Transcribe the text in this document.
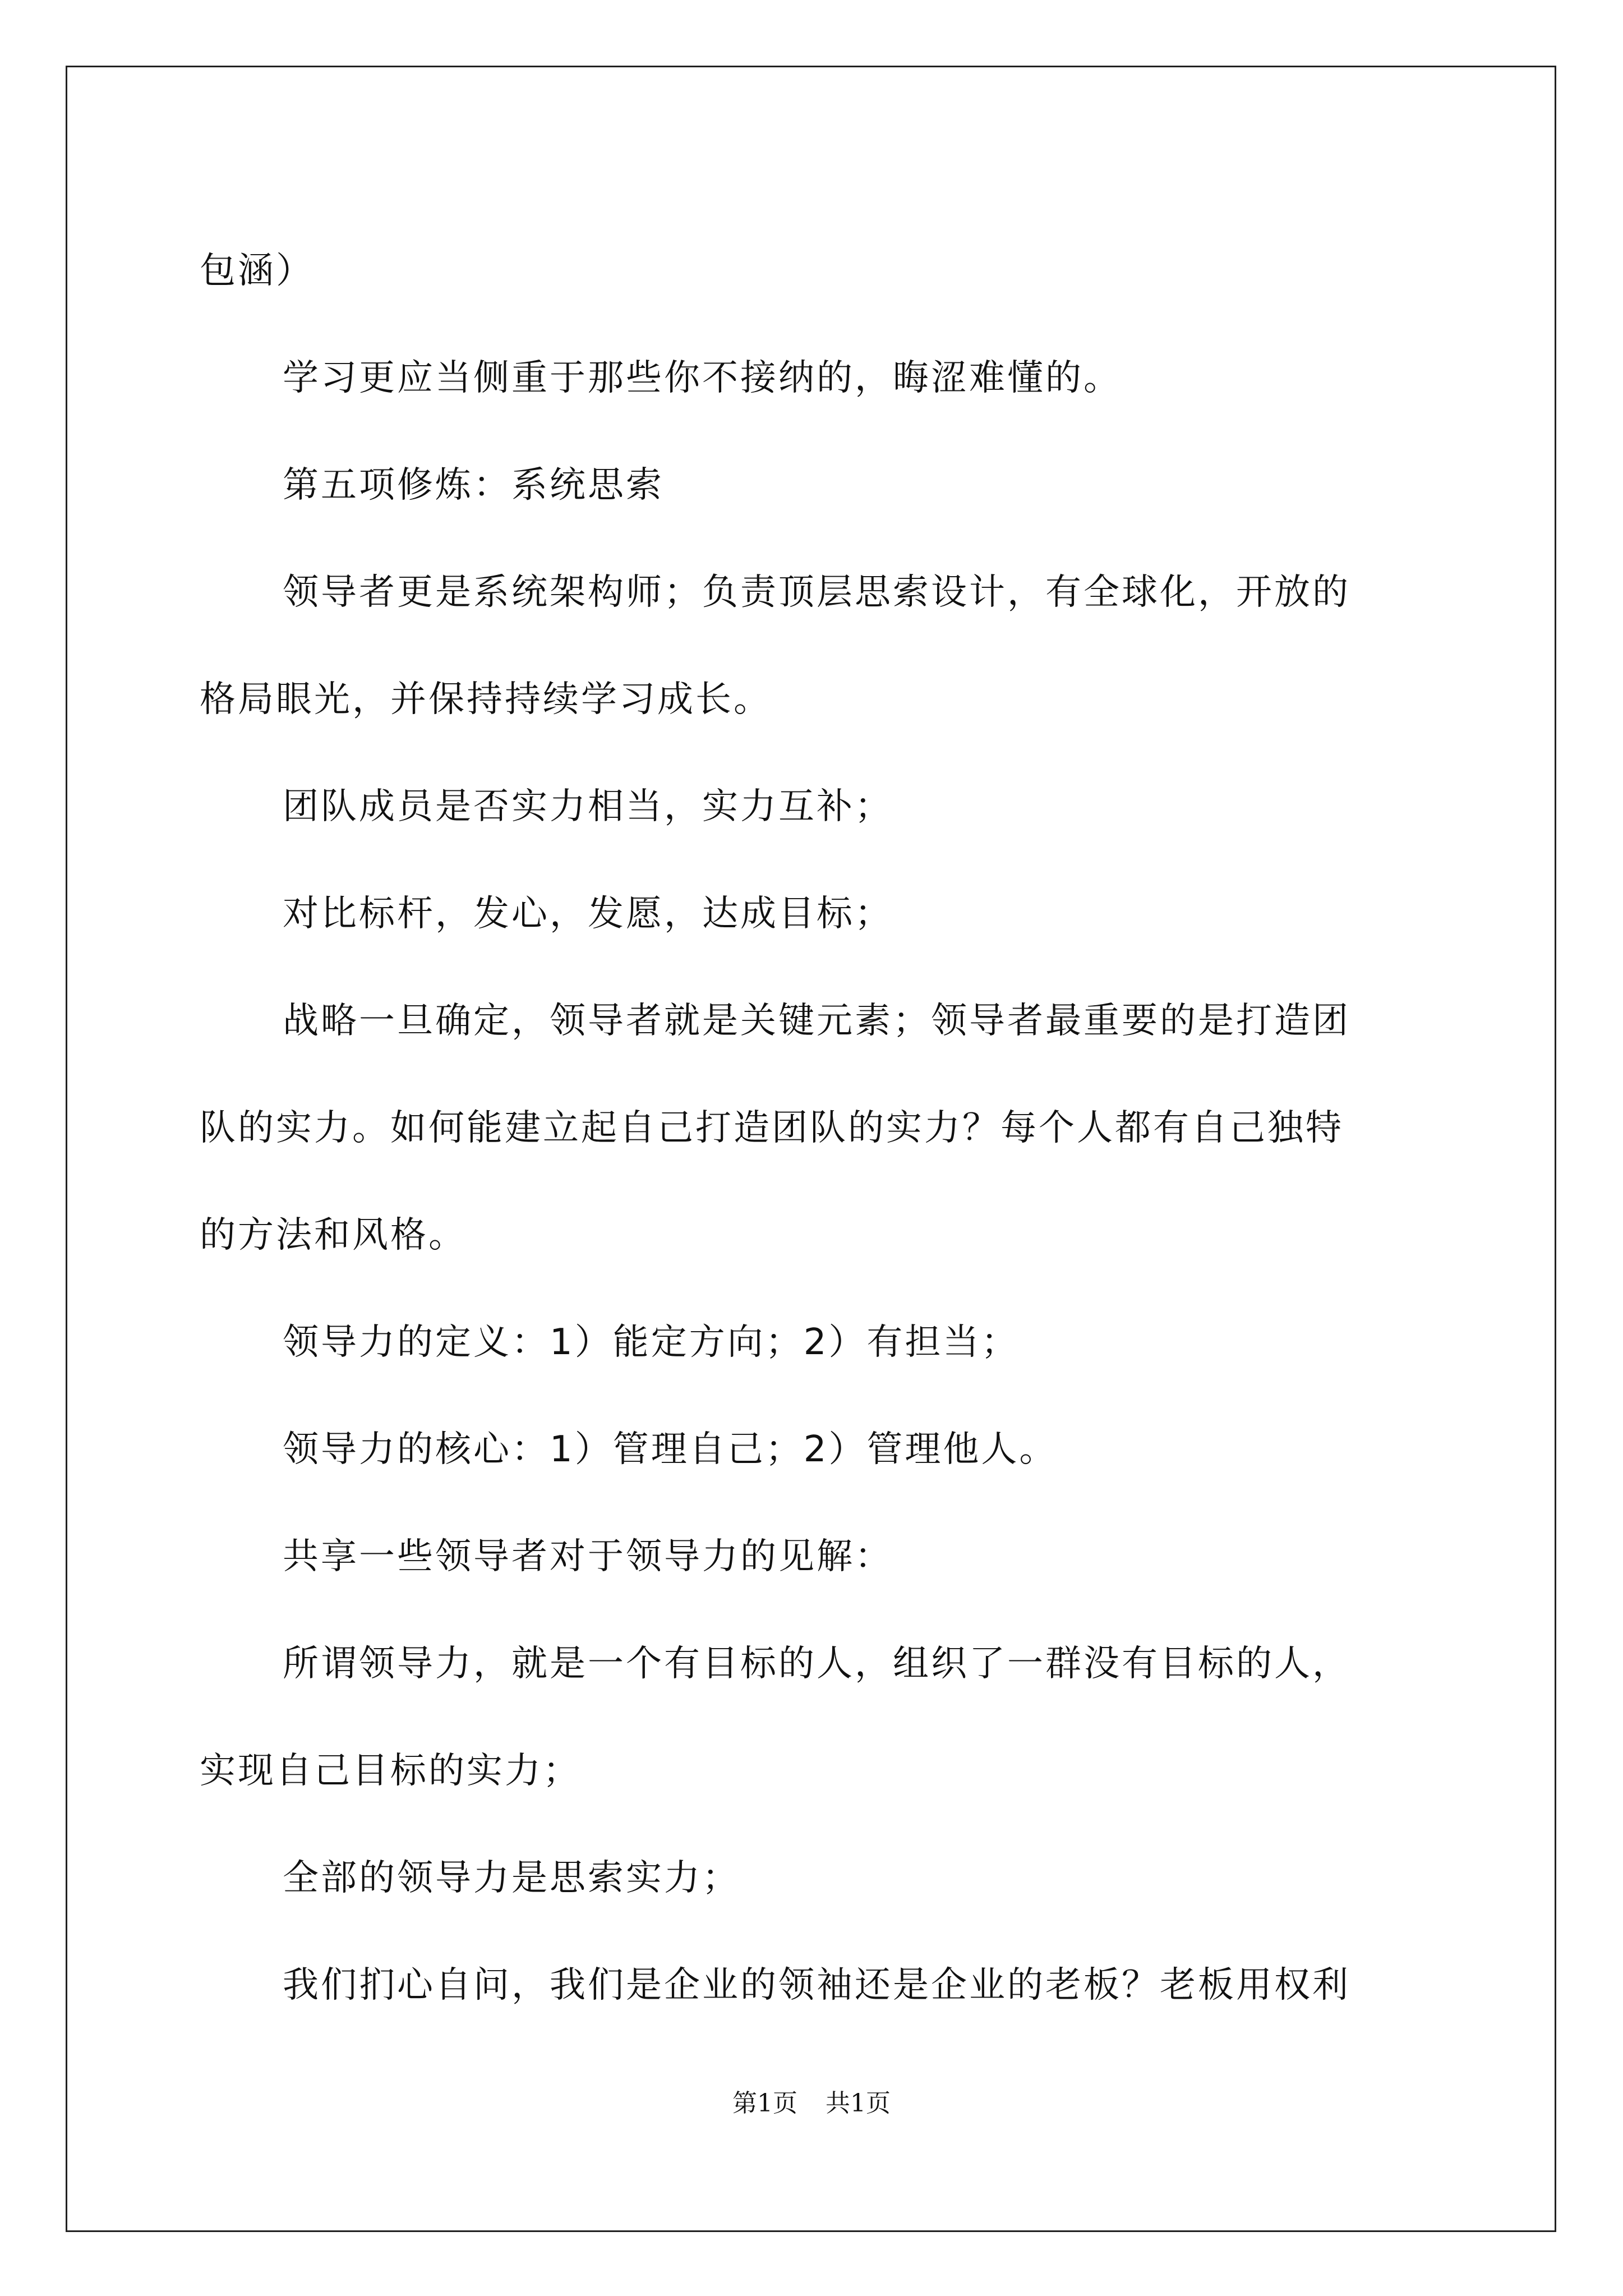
包涵）

学习更应当侧重于那些你不接纳的，晦涩难懂的。

第五项修炼：系统思索

领导者更是系统架构师；负责顶层思索设计，有全球化，开放的

格局眼光，并保持持续学习成长。

团队成员是否实力相当，实力互补；

对比标杆，发心，发愿，达成目标；

战略一旦确定，领导者就是关键元素；领导者最重要的是打造团

队的实力。如何能建立起自己打造团队的实力？每个人都有自己独特

的方法和风格。

领导力的定义：1）能定方向；2）有担当；

领导力的核心：1）管理自己；2）管理他人。

共享一些领导者对于领导力的见解：

所谓领导力，就是一个有目标的人，组织了一群没有目标的人，

实现自己目标的实力；

全部的领导力是思索实力；

我们扪心自问，我们是企业的领袖还是企业的老板？老板用权利

第1页 共1页
